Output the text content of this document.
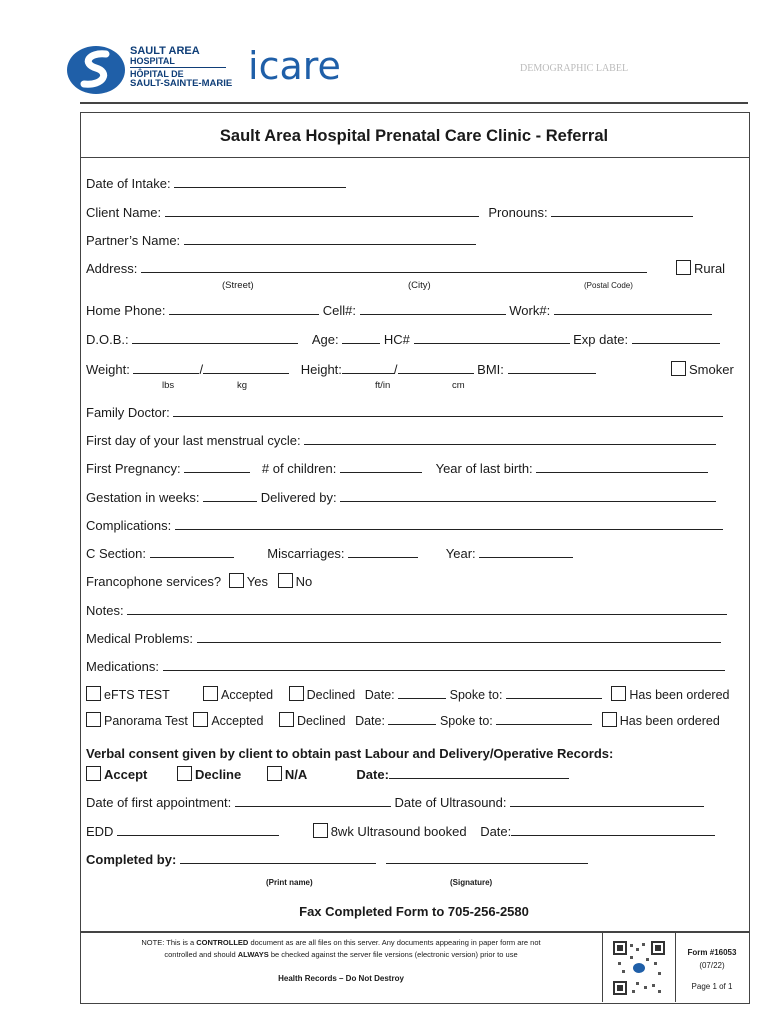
SAULT AREA
HOSPITAL
HÔPITAL DE
SAULT-SAINTE-MARIE icare	DEMOGRAPHIC LABEL
Sault Area Hospital Prenatal Care Clinic - Referral
Date of Intake:
Client Name:	Pronouns:
Partner’s Name:
Address:	Rural
(Street)	(City)	(Postal Code)
Home Phone:	Cell#:	Work#:
D.O.B.:	Age:	HC#	Exp date:
Weight:	/	Height:	/	BMI:	Smoker
lbs	kg	ft/in	cm
Family Doctor:
First day of your last menstrual cycle:
First Pregnancy:	# of children:	Year of last birth:
Gestation in weeks:	Delivered by:
Complications:
C Section:	Miscarriages:	Year:
Francophone services? Yes No
Notes:
Medical Problems:
Medications:
eFTS TEST	Accepted	Declined Date:	Spoke to:	Has been ordered
Panorama Test Accepted	Declined Date:	Spoke to:	Has been ordered
Verbal consent given by client to obtain past Labour and Delivery/Operative Records:
Accept	Decline	N/A	Date:
Date of first appointment:	Date of Ultrasound:
EDD	8wk Ultrasound booked Date:
Completed by:
(Print name)	(Signature)
Fax Completed Form to 705-256-2580
NOTE: This is a CONTROLLED document as are all files on this server. Any documents appearing in paper form are not
controlled and should ALWAYS be checked against the server file versions (electronic version) prior to use
Health Records – Do Not Destroy
Form #16053
(07/22)
Page 1 of 1
